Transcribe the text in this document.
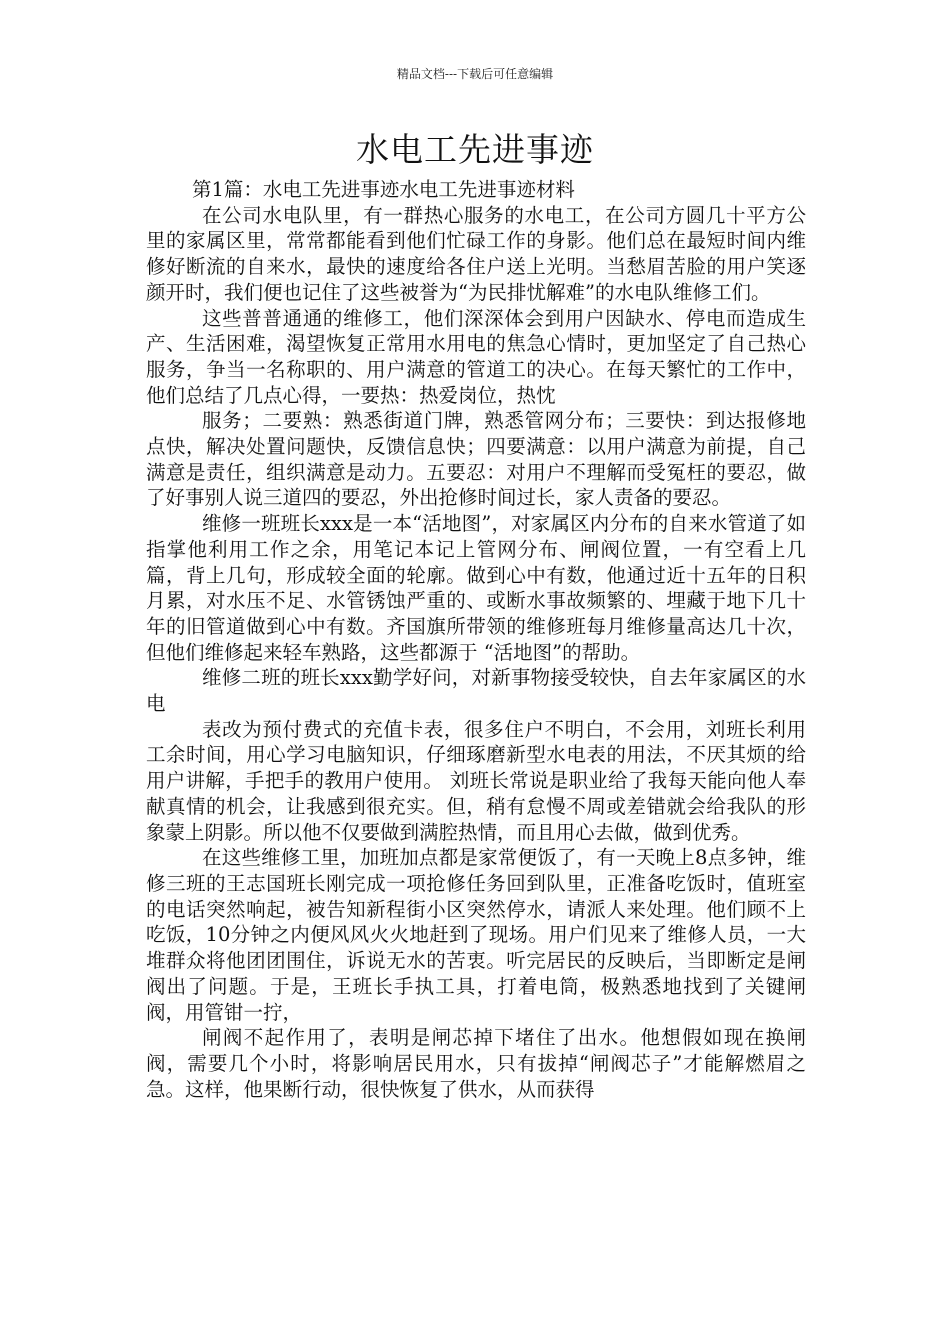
精品文档---下载后可任意编辑
水电工先进事迹

第1篇：水电工先进事迹水电工先进事迹材料

在公司水电队里，有一群热心服务的水电工，在公司方圆几十平方公里的家属区里，常常都能看到他们忙碌工作的身影。他们总在最短时间内维修好断流的自来水，最快的速度给各住户送上光明。当愁眉苦脸的用户笑逐颜开时，我们便也记住了这些被誉为“为民排忧解难”的水电队维修工们。

这些普普通通的维修工，他们深深体会到用户因缺水、停电而造成生产、生活困难，渴望恢复正常用水用电的焦急心情时，更加坚定了自己热心服务，争当一名称职的、用户满意的管道工的决心。在每天繁忙的工作中，他们总结了几点心得，一要热：热爱岗位，热忱

服务；二要熟：熟悉街道门牌，熟悉管网分布；三要快：到达报修地点快，解决处置问题快，反馈信息快；四要满意：以用户满意为前提，自己满意是责任，组织满意是动力。五要忍：对用户不理解而受冤枉的要忍，做了好事别人说三道四的要忍，外出抢修时间过长，家人责备的要忍。

维修一班班长xxx是一本“活地图”，对家属区内分布的自来水管道了如指掌他利用工作之余，用笔记本记上管网分布、闸阀位置，一有空看上几篇，背上几句，形成较全面的轮廓。做到心中有数，他通过近十五年的日积月累，对水压不足、水管锈蚀严重的、或断水事故频繁的、埋藏于地下几十年的旧管道做到心中有数。齐国旗所带领的维修班每月维修量高达几十次，但他们维修起来轻车熟路，这些都源于 “活地图”的帮助。

维修二班的班长xxx勤学好问，对新事物接受较快，自去年家属区的水电

表改为预付费式的充值卡表，很多住户不明白，不会用，刘班长利用工余时间，用心学习电脑知识，仔细琢磨新型水电表的用法，不厌其烦的给用户讲解，手把手的教用户使用。 刘班长常说是职业给了我每天能向他人奉献真情的机会，让我感到很充实。但，稍有怠慢不周或差错就会给我队的形象蒙上阴影。所以他不仅要做到满腔热情，而且用心去做，做到优秀。

在这些维修工里，加班加点都是家常便饭了，有一天晚上8点多钟，维修三班的王志国班长刚完成一项抢修任务回到队里，正准备吃饭时，值班室的电话突然响起，被告知新程街小区突然停水，请派人来处理。他们顾不上吃饭，10分钟之内便风风火火地赶到了现场。用户们见来了维修人员，一大堆群众将他团团围住，诉说无水的苦衷。听完居民的反映后，当即断定是闸阀出了问题。于是，王班长手执工具，打着电筒，极熟悉地找到了关键闸阀，用管钳一拧，

闸阀不起作用了，表明是闸芯掉下堵住了出水。他想假如现在换闸阀，需要几个小时，将影响居民用水，只有拔掉“闸阀芯子”才能解燃眉之急。这样，他果断行动，很快恢复了供水，从而获得
